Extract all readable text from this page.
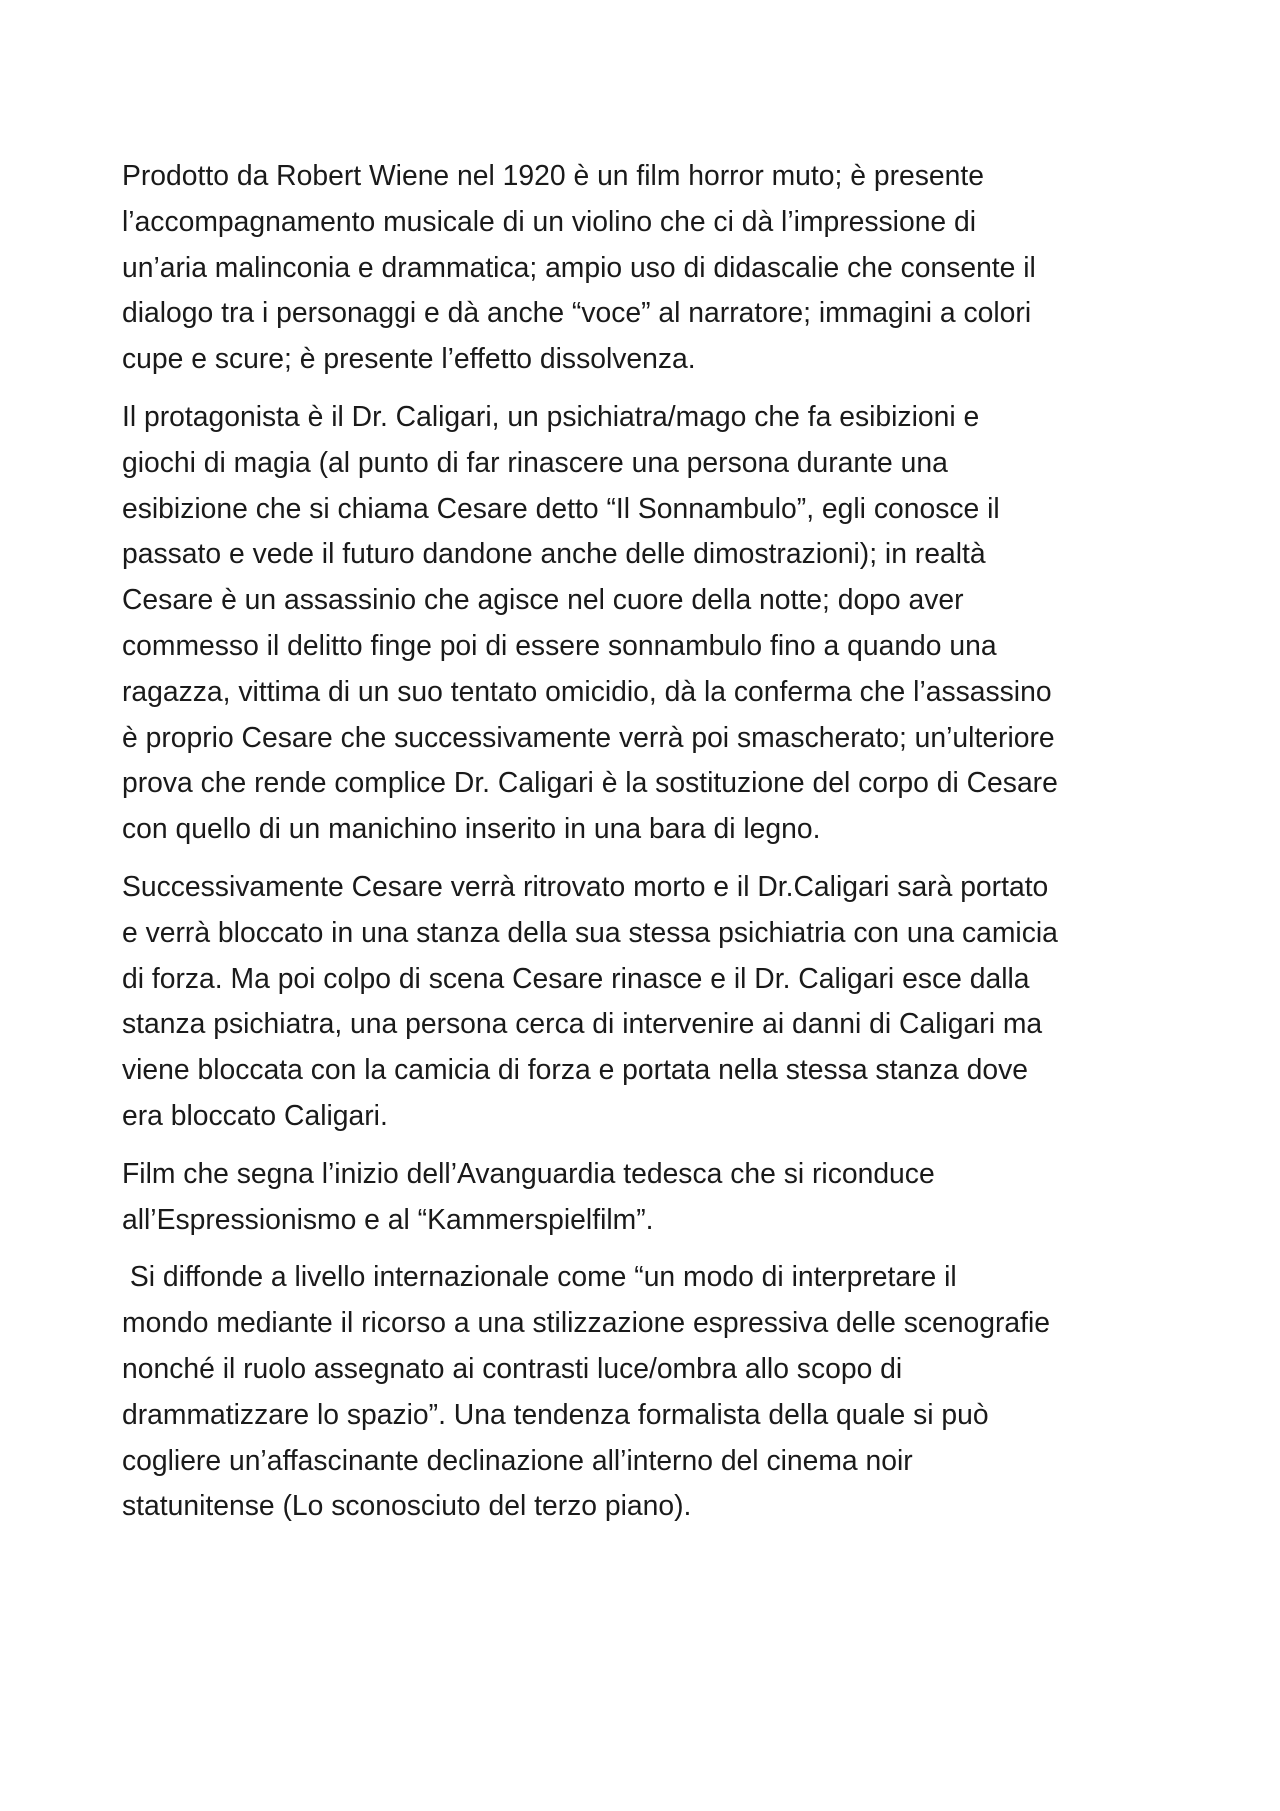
Prodotto da Robert Wiene nel 1920 è un film horror muto; è presente
l’accompagnamento musicale di un violino che ci dà l’impressione di
un’aria malinconia e drammatica; ampio uso di didascalie che consente il
dialogo tra i personaggi e dà anche “voce” al narratore; immagini a colori
cupe e scure; è presente l’effetto dissolvenza.

Il protagonista è il Dr. Caligari, un psichiatra/mago che fa esibizioni e
giochi di magia (al punto di far rinascere una persona durante una
esibizione che si chiama Cesare detto “Il Sonnambulo”, egli conosce il
passato e vede il futuro dandone anche delle dimostrazioni); in realtà
Cesare è un assassinio che agisce nel cuore della notte; dopo aver
commesso il delitto finge poi di essere sonnambulo fino a quando una
ragazza, vittima di un suo tentato omicidio, dà la conferma che l’assassino
è proprio Cesare che successivamente verrà poi smascherato; un’ulteriore
prova che rende complice Dr. Caligari è la sostituzione del corpo di Cesare
con quello di un manichino inserito in una bara di legno.

Successivamente Cesare verrà ritrovato morto e il Dr.Caligari sarà portato
e verrà bloccato in una stanza della sua stessa psichiatria con una camicia
di forza. Ma poi colpo di scena Cesare rinasce e il Dr. Caligari esce dalla
stanza psichiatra, una persona cerca di intervenire ai danni di Caligari ma
viene bloccata con la camicia di forza e portata nella stessa stanza dove
era bloccato Caligari.

Film che segna l’inizio dell’Avanguardia tedesca che si riconduce
all’Espressionismo e al “Kammerspielfilm”.

Si diffonde a livello internazionale come “un modo di interpretare il
mondo mediante il ricorso a una stilizzazione espressiva delle scenografie
nonché il ruolo assegnato ai contrasti luce/ombra allo scopo di
drammatizzare lo spazio”. Una tendenza formalista della quale si può
cogliere un’affascinante declinazione all’interno del cinema noir
statunitense (Lo sconosciuto del terzo piano).
